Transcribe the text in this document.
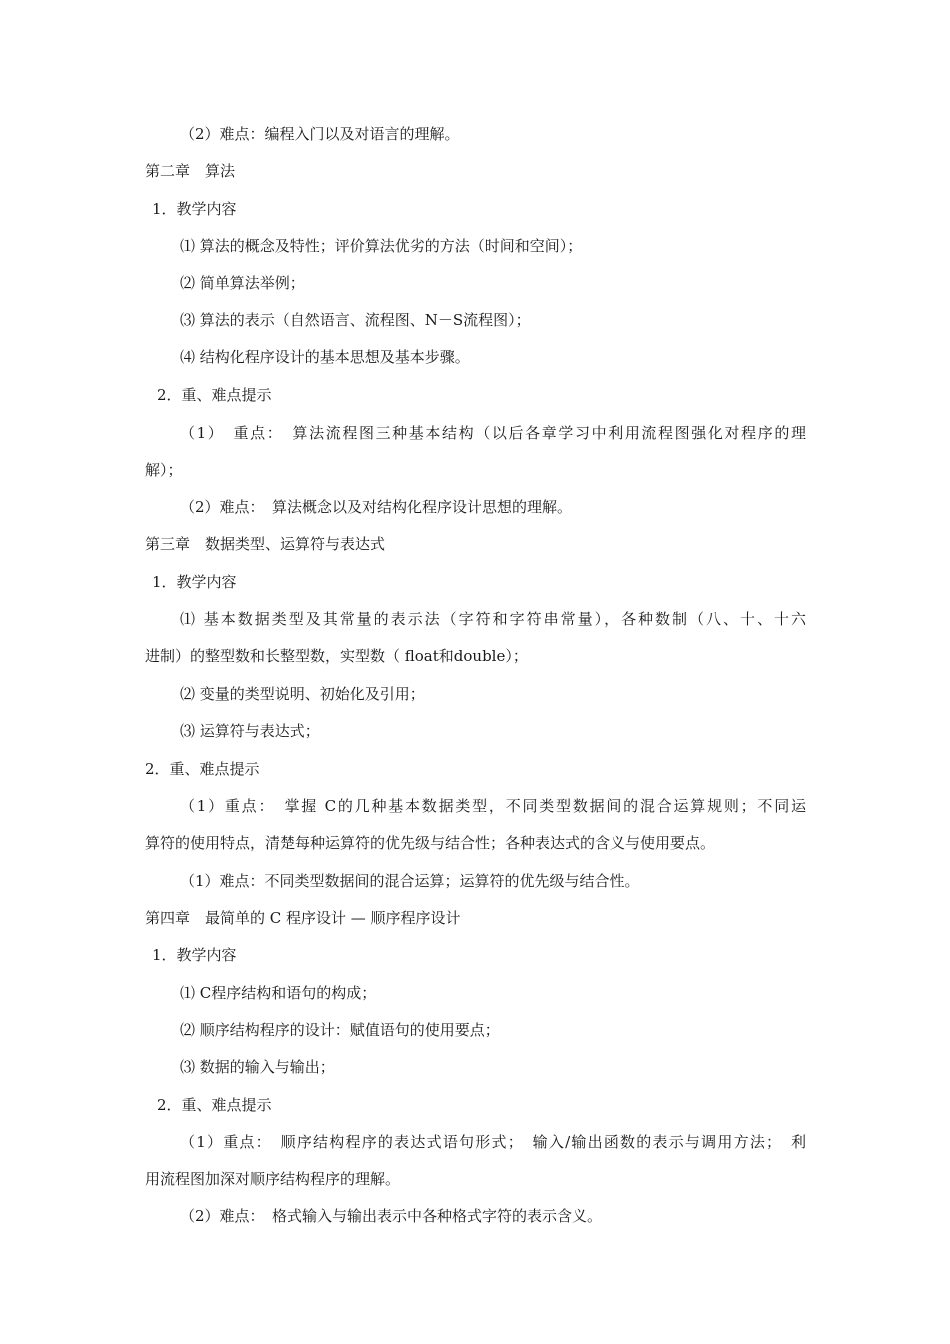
（2）难点：编程入门以及对语言的理解。
第二章　算法
1．教学内容
⑴ 算法的概念及特性；评价算法优劣的方法（时间和空间）；
⑵ 简单算法举例；
⑶ 算法的表示（自然语言、流程图、N－S流程图）；
⑷ 结构化程序设计的基本思想及基本步骤。
2．重、难点提示
（1）　重点：　算法流程图三种基本结构（以后各章学习中利用流程图强化对程序的理
解）；
（2）难点：　算法概念以及对结构化程序设计思想的理解。
第三章　数据类型、运算符与表达式
1．教学内容
⑴ 基本数据类型及其常量的表示法（字符和字符串常量），各种数制（八、十、十六
进制）的整型数和长整型数，实型数（ float和double）；
⑵ 变量的类型说明、初始化及引用；
⑶ 运算符与表达式；
2．重、难点提示
（1）重点：　掌握 C的几种基本数据类型，不同类型数据间的混合运算规则；不同运
算符的使用特点，清楚每种运算符的优先级与结合性；各种表达式的含义与使用要点。
（1）难点：不同类型数据间的混合运算；运算符的优先级与结合性。
第四章　最简单的 C 程序设计 — 顺序程序设计
1．教学内容
⑴ C程序结构和语句的构成；
⑵ 顺序结构程序的设计：赋值语句的使用要点；
⑶ 数据的输入与输出；
2．重、难点提示
（1）重点：　顺序结构程序的表达式语句形式；　输入/输出函数的表示与调用方法；　利
用流程图加深对顺序结构程序的理解。
（2）难点：　格式输入与输出表示中各种格式字符的表示含义。
